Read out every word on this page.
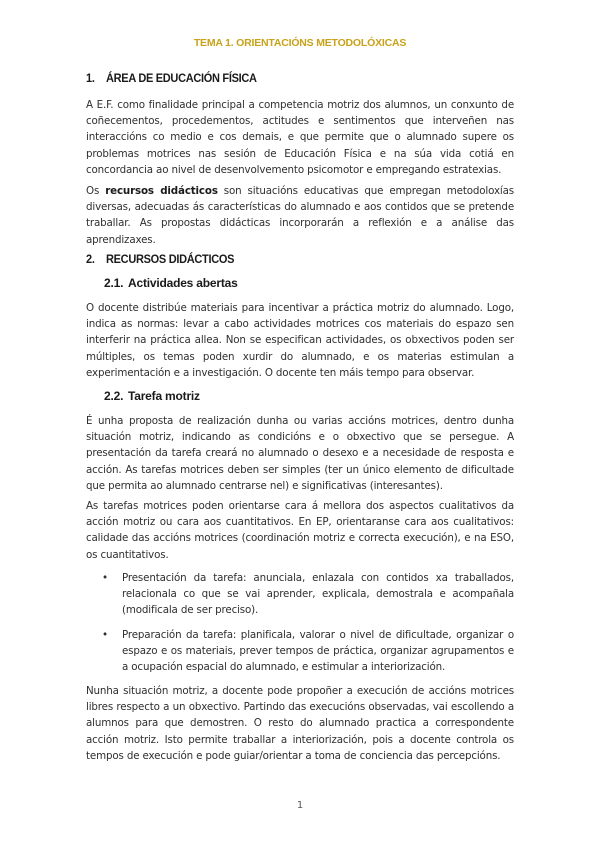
TEMA 1. ORIENTACIÓNS METODOLÓXICAS
1. ÁREA DE EDUCACIÓN FÍSICA

A E.F. como finalidade principal a competencia motriz dos alumnos, un conxunto de coñecementos, procedementos, actitudes e sentimentos que interveñen nas interaccións co medio e cos demais, e que permite que o alumnado supere os problemas motrices nas sesión de Educación Física e na súa vida cotiá en concordancia ao nivel de desenvolvemento psicomotor e empregando estratexias.

Os recursos didácticos son situacións educativas que empregan metodoloxías diversas, adecuadas ás características do alumnado e aos contidos que se pretende traballar. As propostas didácticas incorporarán a reflexión e a análise das aprendizaxes.

2. RECURSOS DIDÁCTICOS
2.1. Actividades abertas

O docente distribúe materiais para incentivar a práctica motriz do alumnado. Logo, indica as normas: levar a cabo actividades motrices cos materiais do espazo sen interferir na práctica allea. Non se especifican actividades, os obxectivos poden ser múltiples, os temas poden xurdir do alumnado, e os materias estimulan a experimentación e a investigación. O docente ten máis tempo para observar.

2.2. Tarefa motriz

É unha proposta de realización dunha ou varias accións motrices, dentro dunha situación motriz, indicando as condicións e o obxectivo que se persegue. A presentación da tarefa creará no alumnado o desexo e a necesidade de resposta e acción. As tarefas motrices deben ser simples (ter un único elemento de dificultade que permita ao alumnado centrarse nel) e significativas (interesantes).

As tarefas motrices poden orientarse cara á mellora dos aspectos cualitativos da acción motriz ou cara aos cuantitativos. En EP, orientaranse cara aos cualitativos: calidade das accións motrices (coordinación motriz e correcta execución), e na ESO, os cuantitativos.

• Presentación da tarefa: anunciala, enlazala con contidos xa traballados, relacionala co que se vai aprender, explicala, demostrala e acompañala (modificala de ser preciso).
• Preparación da tarefa: planificala, valorar o nivel de dificultade, organizar o espazo e os materiais, prever tempos de práctica, organizar agrupamentos e a ocupación espacial do alumnado, e estimular a interiorización.

Nunha situación motriz, a docente pode propoñer a execución de accións motrices libres respecto a un obxectivo. Partindo das execucións observadas, vai escollendo a alumnos para que demostren. O resto do alumnado practica a correspondente acción motriz. Isto permite traballar a interiorización, pois a docente controla os tempos de execución e pode guiar/orientar a toma de conciencia das percepcións.

1
